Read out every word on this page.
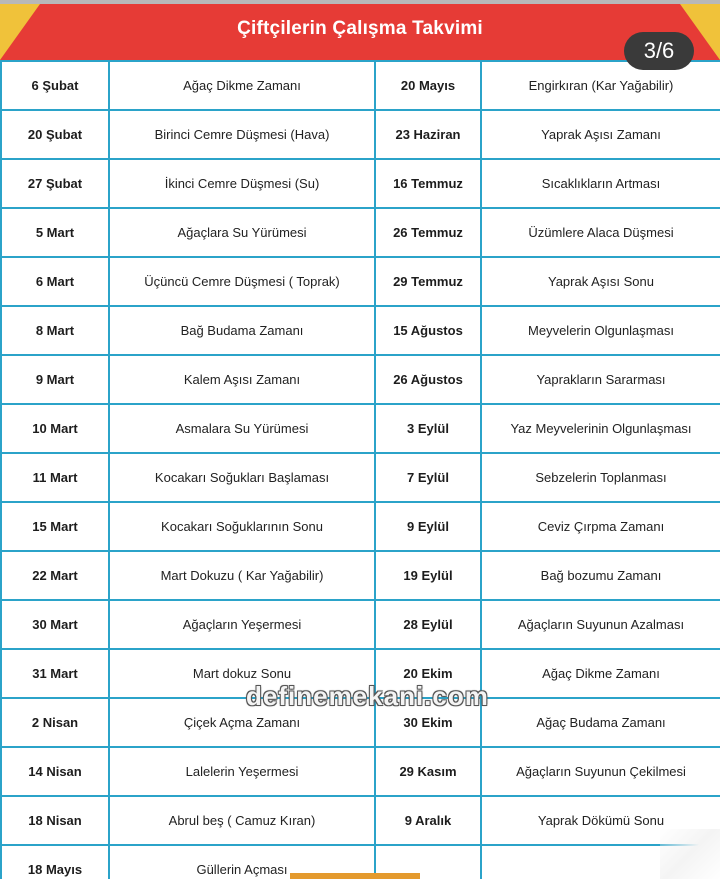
Çiftçilerin Çalışma Takvimi
3/6
6 Şubat	Ağaç Dikme Zamanı	20 Mayıs	Engirkıran (Kar Yağabilir)
20 Şubat	Birinci Cemre Düşmesi (Hava)	23 Haziran	Yaprak Aşısı Zamanı
27 Şubat	İkinci Cemre Düşmesi (Su)	16 Temmuz	Sıcaklıkların Artması
5 Mart	Ağaçlara Su Yürümesi	26 Temmuz	Üzümlere Alaca Düşmesi
6 Mart	Üçüncü Cemre Düşmesi ( Toprak)	29 Temmuz	Yaprak Aşısı Sonu
8 Mart	Bağ Budama Zamanı	15 Ağustos	Meyvelerin Olgunlaşması
9 Mart	Kalem Aşısı Zamanı	26 Ağustos	Yaprakların Sararması
10 Mart	Asmalara Su Yürümesi	3 Eylül	Yaz Meyvelerinin Olgunlaşması
11 Mart	Kocakarı Soğukları Başlaması	7 Eylül	Sebzelerin Toplanması
15 Mart	Kocakarı Soğuklarının Sonu	9 Eylül	Ceviz Çırpma Zamanı
22 Mart	Mart Dokuzu ( Kar Yağabilir)	19 Eylül	Bağ bozumu Zamanı
30 Mart	Ağaçların Yeşermesi	28 Eylül	Ağaçların Suyunun Azalması
31 Mart	Mart dokuz Sonu	20 Ekim	Ağaç Dikme Zamanı
2 Nisan	Çiçek Açma Zamanı	30 Ekim	Ağaç Budama Zamanı
14 Nisan	Lalelerin Yeşermesi	29 Kasım	Ağaçların Suyunun Çekilmesi
18 Nisan	Abrul beş ( Camuz Kıran)	9 Aralık	Yaprak Dökümü Sonu
18 Mayıs	Güllerin Açması		
definemekani.com
